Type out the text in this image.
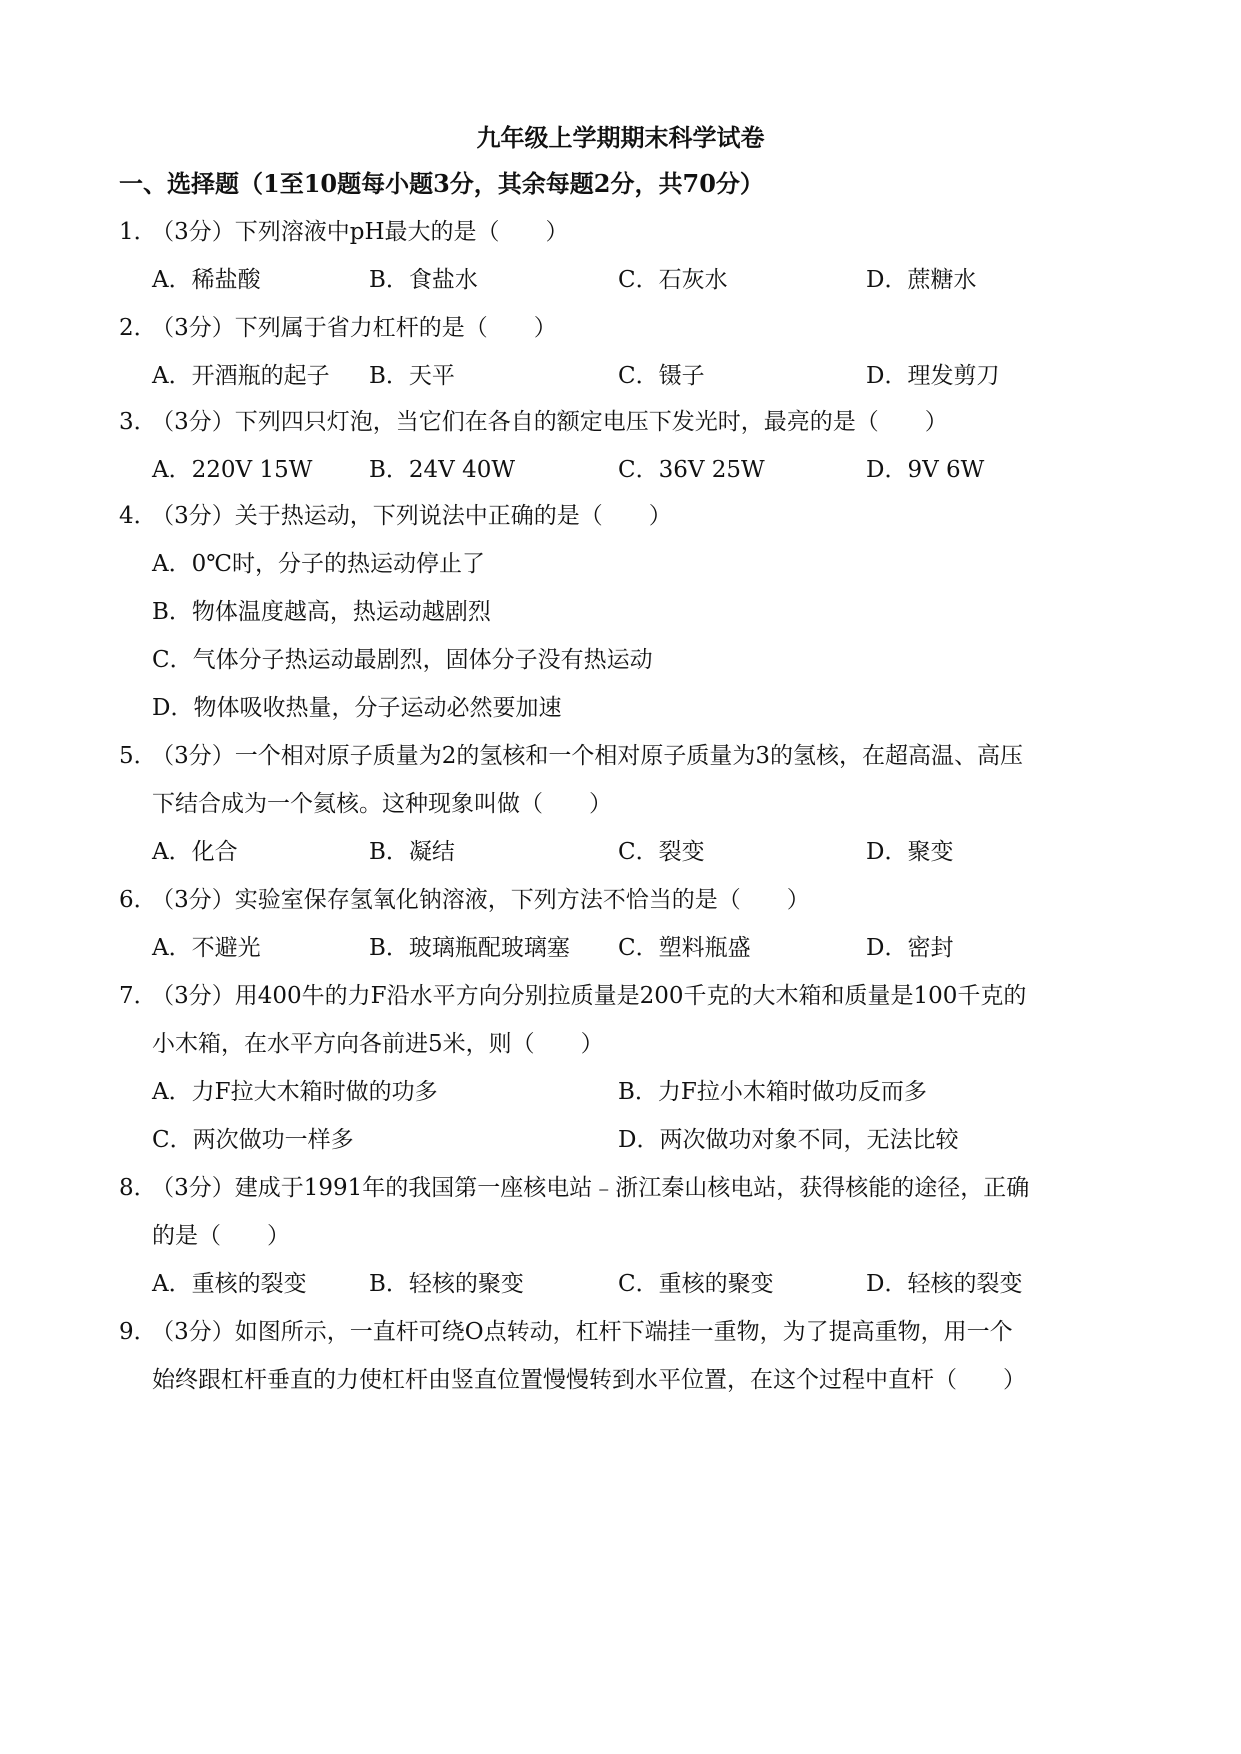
九年级上学期期末科学试卷
一、选择题（1至10题每小题3分，其余每题2分，共70分）
1． （3分）下列溶液中pH最大的是（　　）
A．稀盐酸	B．食盐水	C．石灰水	D．蔗糖水
2． （3分）下列属于省力杠杆的是（　　）
A．开酒瓶的起子 B．天平	C．镊子	D．理发剪刀
3． （3分）下列四只灯泡，当它们在各自的额定电压下发光时，最亮的是（　　）
A．220V 15W B．24V 40W	C．36V 25W	D．9V 6W
4． （3分）关于热运动，下列说法中正确的是（　　）
A．0℃时，分子的热运动停止了
B．物体温度越高，热运动越剧烈
C．气体分子热运动最剧烈，固体分子没有热运动
D．物体吸收热量，分子运动必然要加速
5． （3分）一个相对原子质量为2的氢核和一个相对原子质量为3的氢核，在超高温、高压
下结合成为一个氦核。这种现象叫做（　　）
A．化合	B．凝结	C．裂变	D．聚变
6． （3分）实验室保存氢氧化钠溶液，下列方法不恰当的是（　　）
A．不避光	B．玻璃瓶配玻璃塞 C．塑料瓶盛	D．密封
7． （3分）用400牛的力F沿水平方向分别拉质量是200千克的大木箱和质量是100千克的
小木箱，在水平方向各前进5米，则（　　）
A．力F拉大木箱时做的功多	B．力F拉小木箱时做功反而多
C．两次做功一样多	D．两次做功对象不同，无法比较
8． （3分）建成于1991年的我国第一座核电站﹣浙江秦山核电站，获得核能的途径，正确
的是（　　）
A．重核的裂变	B．轻核的聚变	C．重核的聚变	D．轻核的裂变
9． （3分）如图所示，一直杆可绕O点转动，杠杆下端挂一重物，为了提高重物，用一个
始终跟杠杆垂直的力使杠杆由竖直位置慢慢转到水平位置，在这个过程中直杆（　　）
